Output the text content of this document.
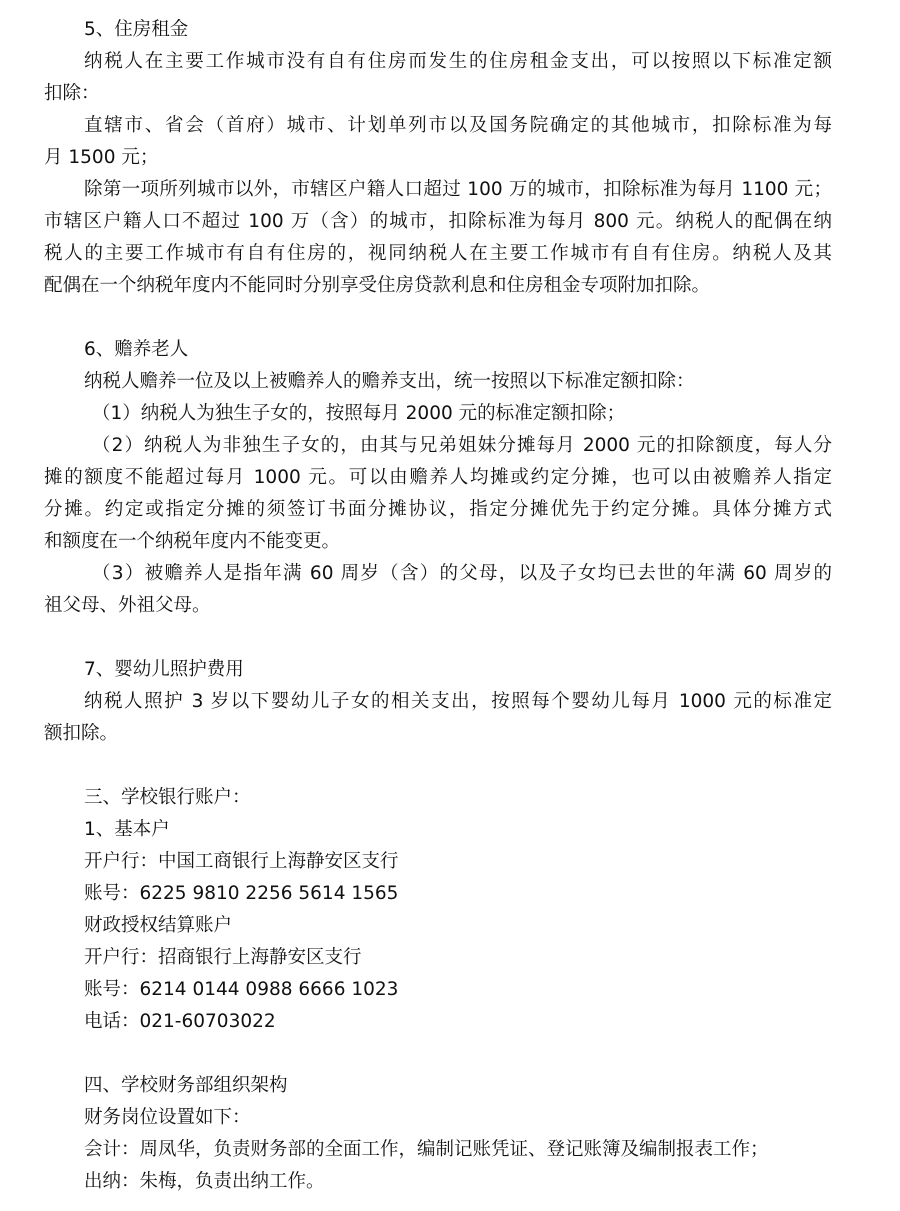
5、住房租金
纳税人在主要工作城市没有自有住房而发生的住房租金支出，可以按照以下标准定额
扣除：
直辖市、省会（首府）城市、计划单列市以及国务院确定的其他城市，扣除标准为每
月 1500 元；
除第一项所列城市以外，市辖区户籍人口超过 100 万的城市，扣除标准为每月 1100 元；
市辖区户籍人口不超过 100 万（含）的城市，扣除标准为每月 800 元。纳税人的配偶在纳
税人的主要工作城市有自有住房的，视同纳税人在主要工作城市有自有住房。纳税人及其
配偶在一个纳税年度内不能同时分别享受住房贷款利息和住房租金专项附加扣除。
6、赡养老人
纳税人赡养一位及以上被赡养人的赡养支出，统一按照以下标准定额扣除：
（1）纳税人为独生子女的，按照每月 2000 元的标准定额扣除；
（2）纳税人为非独生子女的，由其与兄弟姐妹分摊每月 2000 元的扣除额度，每人分
摊的额度不能超过每月 1000 元。可以由赡养人均摊或约定分摊，也可以由被赡养人指定
分摊。约定或指定分摊的须签订书面分摊协议，指定分摊优先于约定分摊。具体分摊方式
和额度在一个纳税年度内不能变更。
（3）被赡养人是指年满 60 周岁（含）的父母，以及子女均已去世的年满 60 周岁的
祖父母、外祖父母。
7、婴幼儿照护费用
纳税人照护 3 岁以下婴幼儿子女的相关支出，按照每个婴幼儿每月 1000 元的标准定
额扣除。
三、学校银行账户：
1、基本户
开户行：中国工商银行上海静安区支行
账号：6225 9810 2256 5614 1565
财政授权结算账户
开户行：招商银行上海静安区支行
账号：6214 0144 0988 6666 1023
电话：021-60703022
四、学校财务部组织架构
财务岗位设置如下：
会计：周凤华，负责财务部的全面工作，编制记账凭证、登记账簿及编制报表工作；
出纳：朱梅，负责出纳工作。
